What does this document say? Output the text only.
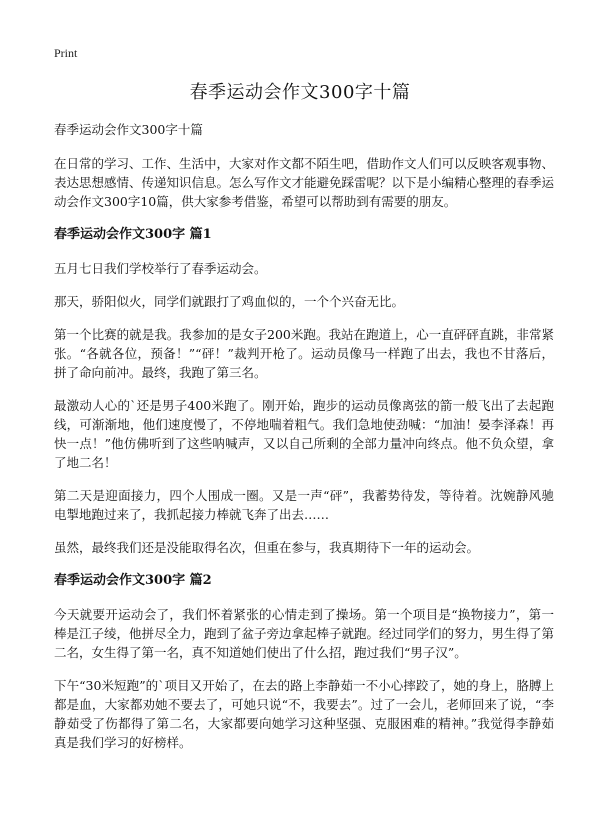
Print

春季运动会作文300字十篇
春季运动会作文300字十篇

在日常的学习、工作、生活中，大家对作文都不陌生吧，借助作文人们可以反映客观事物、表达思想感情、传递知识信息。怎么写作文才能避免踩雷呢？以下是小编精心整理的春季运动会作文300字10篇，供大家参考借鉴，希望可以帮助到有需要的朋友。

春季运动会作文300字 篇1

五月七日我们学校举行了春季运动会。

那天，骄阳似火，同学们就跟打了鸡血似的，一个个兴奋无比。

第一个比赛的就是我。我参加的是女子200米跑。我站在跑道上，心一直砰砰直跳，非常紧张。“各就各位，预备！”“砰！”裁判开枪了。运动员像马一样跑了出去，我也不甘落后，拼了命向前冲。最终，我跑了第三名。

最激动人心的`还是男子400米跑了。刚开始，跑步的运动员像离弦的箭一般飞出了去起跑线，可渐渐地，他们速度慢了，不停地喘着粗气。我们急地使劲喊：“加油！晏李泽森！再快一点！”他仿佛听到了这些呐喊声，又以自己所剩的全部力量冲向终点。他不负众望，拿了地二名！

第二天是迎面接力，四个人围成一圈。又是一声“砰”，我蓄势待发，等待着。沈婉静风驰电掣地跑过来了，我抓起接力棒就飞奔了出去……

虽然，最终我们还是没能取得名次，但重在参与，我真期待下一年的运动会。

春季运动会作文300字 篇2

今天就要开运动会了，我们怀着紧张的心情走到了操场。第一个项目是“换物接力”，第一棒是江子绫，他拼尽全力，跑到了盆子旁边拿起棒子就跑。经过同学们的努力，男生得了第二名，女生得了第一名，真不知道她们使出了什么招，跑过我们“男子汉”。

下午“30米短跑”的`项目又开始了，在去的路上李静茹一不小心摔跤了，她的身上，胳膊上都是血，大家都劝她不要去了，可她只说“不，我要去”。过了一会儿，老师回来了说，“李静茹受了伤都得了第二名，大家都要向她学习这种坚强、克服困难的精神。”我觉得李静茹真是我们学习的好榜样。
